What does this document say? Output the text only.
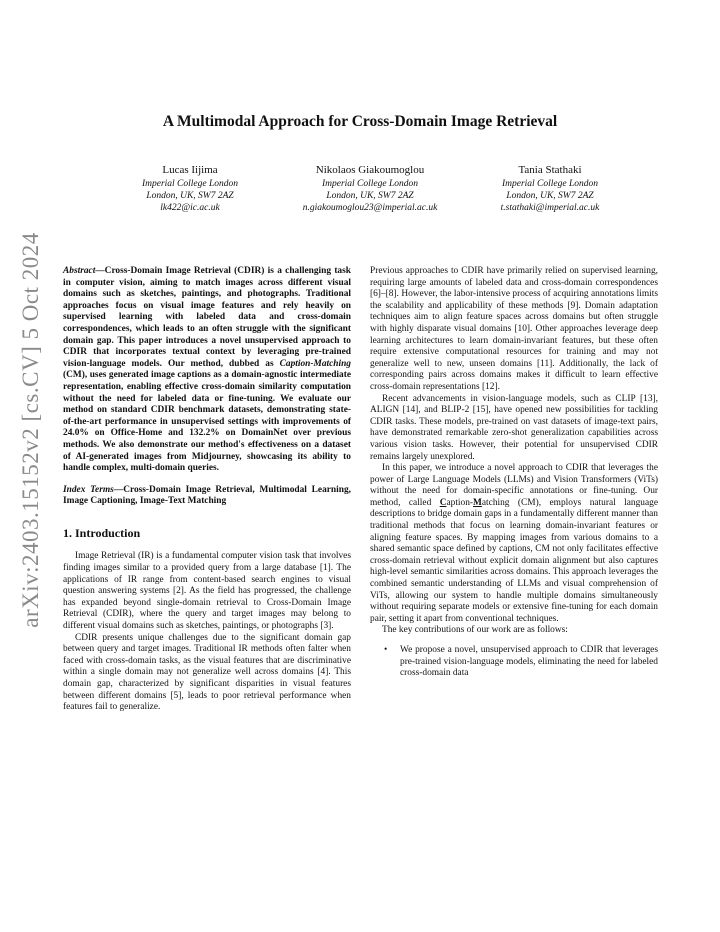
arXiv:2403.15152v2 [cs.CV] 5 Oct 2024
A Multimodal Approach for Cross-Domain Image Retrieval
Lucas Iijima
Imperial College London
London, UK, SW7 2AZ
lk422@ic.ac.uk
Nikolaos Giakoumoglou
Imperial College London
London, UK, SW7 2AZ
n.giakoumoglou23@imperial.ac.uk
Tania Stathaki
Imperial College London
London, UK, SW7 2AZ
t.stathaki@imperial.ac.uk

Abstract—Cross-Domain Image Retrieval (CDIR) is a challenging task in computer vision, aiming to match images across different visual domains such as sketches, paintings, and photographs. Traditional approaches focus on visual image features and rely heavily on supervised learning with labeled data and cross-domain correspondences, which leads to an often struggle with the significant domain gap. This paper introduces a novel unsupervised approach to CDIR that incorporates textual context by leveraging pre-trained vision-language models. Our method, dubbed as Caption-Matching (CM), uses generated image captions as a domain-agnostic intermediate representation, enabling effective cross-domain similarity computation without the need for labeled data or fine-tuning. We evaluate our method on standard CDIR benchmark datasets, demonstrating state-of-the-art performance in unsupervised settings with improvements of 24.0% on Office-Home and 132.2% on DomainNet over previous methods. We also demonstrate our method's effectiveness on a dataset of AI-generated images from Midjourney, showcasing its ability to handle complex, multi-domain queries.

Index Terms—Cross-Domain Image Retrieval, Multimodal Learning, Image Captioning, Image-Text Matching

1. Introduction

Image Retrieval (IR) is a fundamental computer vision task that involves finding images similar to a provided query from a large database [1]. The applications of IR range from content-based search engines to visual question answering systems [2]. As the field has progressed, the challenge has expanded beyond single-domain retrieval to Cross-Domain Image Retrieval (CDIR), where the query and target images may belong to different visual domains such as sketches, paintings, or photographs [3].

CDIR presents unique challenges due to the significant domain gap between query and target images. Traditional IR methods often falter when faced with cross-domain tasks, as the visual features that are discriminative within a single domain may not generalize well across domains [4]. This domain gap, characterized by significant disparities in visual features between different domains [5], leads to poor retrieval performance when features fail to generalize.

Previous approaches to CDIR have primarily relied on supervised learning, requiring large amounts of labeled data and cross-domain correspondences [6]–[8]. However, the labor-intensive process of acquiring annotations limits the scalability and applicability of these methods [9]. Domain adaptation techniques aim to align feature spaces across domains but often struggle with highly disparate visual domains [10]. Other approaches leverage deep learning architectures to learn domain-invariant features, but these often require extensive computational resources for training and may not generalize well to new, unseen domains [11]. Additionally, the lack of corresponding pairs across domains makes it difficult to learn effective cross-domain representations [12].

Recent advancements in vision-language models, such as CLIP [13], ALIGN [14], and BLIP-2 [15], have opened new possibilities for tackling CDIR tasks. These models, pre-trained on vast datasets of image-text pairs, have demonstrated remarkable zero-shot generalization capabilities across various vision tasks. However, their potential for unsupervised CDIR remains largely unexplored.

In this paper, we introduce a novel approach to CDIR that leverages the power of Large Language Models (LLMs) and Vision Transformers (ViTs) without the need for domain-specific annotations or fine-tuning. Our method, called Caption-Matching (CM), employs natural language descriptions to bridge domain gaps in a fundamentally different manner than traditional methods that focus on learning domain-invariant features or aligning feature spaces. By mapping images from various domains to a shared semantic space defined by captions, CM not only facilitates effective cross-domain retrieval without explicit domain alignment but also captures high-level semantic similarities across domains. This approach leverages the combined semantic understanding of LLMs and visual comprehension of ViTs, allowing our system to handle multiple domains simultaneously without requiring separate models or extensive fine-tuning for each domain pair, setting it apart from conventional techniques.

The key contributions of our work are as follows:

• We propose a novel, unsupervised approach to CDIR that leverages pre-trained vision-language models, eliminating the need for labeled cross-domain data
